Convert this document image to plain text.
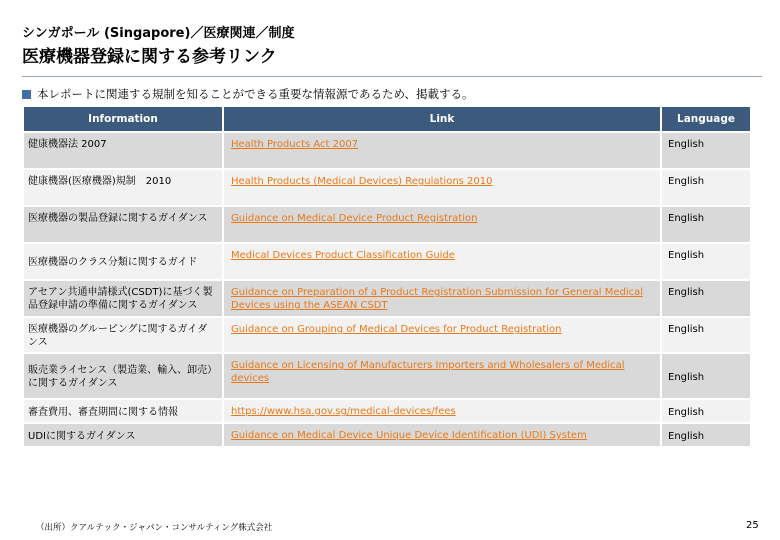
シンガポール (Singapore)／医療関連／制度
医療機器登録に関する参考リンク
本レポートに関連する規制を知ることができる重要な情報源であるため、掲載する。
Information	Link	Language
健康機器法 2007	Health Products Act 2007	English
健康機器(医療機器)規制　2010	Health Products (Medical Devices) Regulations 2010	English
医療機器の製品登録に関するガイダンス	Guidance on Medical Device Product Registration	English
医療機器のクラス分類に関するガイド	Medical Devices Product Classification Guide	English
アセアン共通申請様式(CSDT)に基づく製品登録申請の準備に関するガイダンス	Guidance on Preparation of a Product Registration Submission for General Medical Devices using the ASEAN CSDT	English
医療機器のグルーピングに関するガイダンス	Guidance on Grouping of Medical Devices for Product Registration	English
販売業ライセンス（製造業、輸入、卸売）に関するガイダンス	Guidance on Licensing of Manufacturers Importers and Wholesalers of Medical devices	English
審査費用、審査期間に関する情報	https://www.hsa.gov.sg/medical-devices/fees	English
UDIに関するガイダンス	Guidance on Medical Device Unique Device Identification (UDI) System	English
（出所）クアルテック・ジャパン・コンサルティング株式会社	25
